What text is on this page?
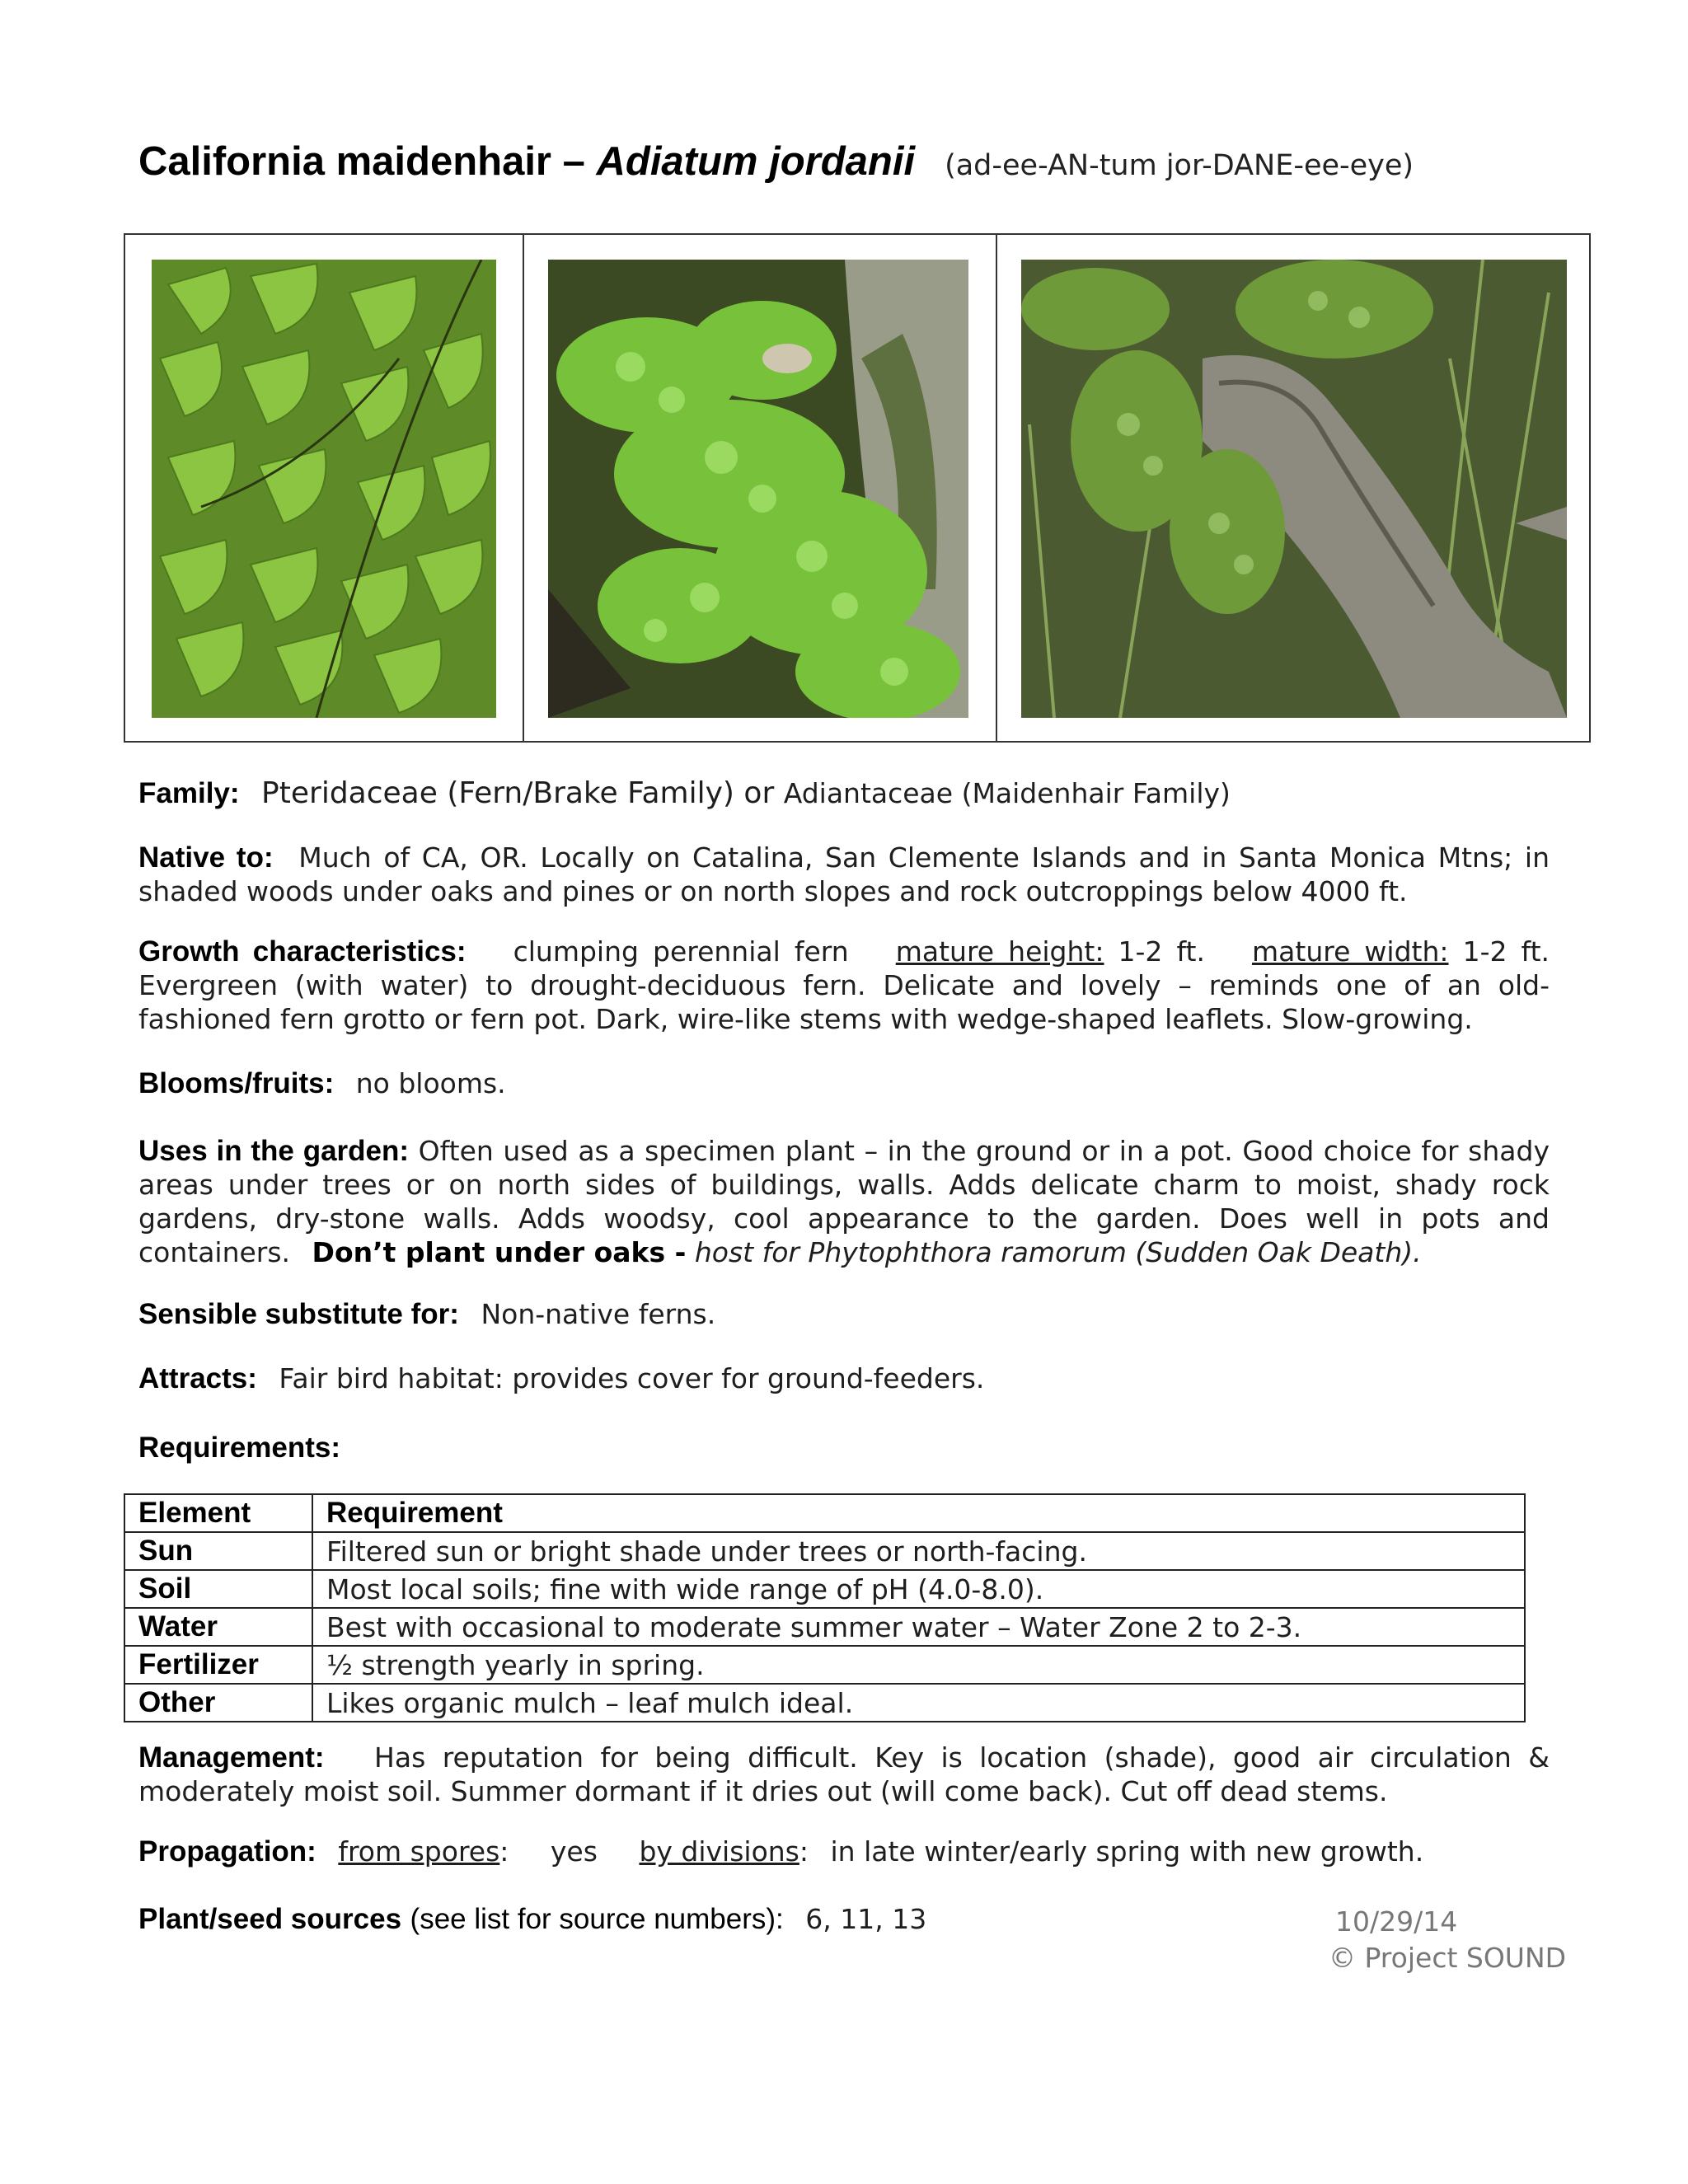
California maidenhair – Adiatum jordanii (ad-ee-AN-tum jor-DANE-ee-eye)
Family: Pteridaceae (Fern/Brake Family) or Adiantaceae (Maidenhair Family)
Native to: Much of CA, OR. Locally on Catalina, San Clemente Islands and in Santa Monica Mtns; in shaded woods under oaks and pines or on north slopes and rock outcroppings below 4000 ft.
Growth characteristics: clumping perennial fern mature height: 1-2 ft. mature width: 1-2 ft. Evergreen (with water) to drought-deciduous fern. Delicate and lovely – reminds one of an old-fashioned fern grotto or fern pot. Dark, wire-like stems with wedge-shaped leaflets. Slow-growing.
Blooms/fruits: no blooms.
Uses in the garden: Often used as a specimen plant – in the ground or in a pot. Good choice for shady areas under trees or on north sides of buildings, walls. Adds delicate charm to moist, shady rock gardens, dry-stone walls. Adds woodsy, cool appearance to the garden. Does well in pots and containers. Don’t plant under oaks - host for Phytophthora ramorum (Sudden Oak Death).
Sensible substitute for: Non-native ferns.
Attracts: Fair bird habitat: provides cover for ground-feeders.
Requirements:
Element	Requirement
Sun	Filtered sun or bright shade under trees or north-facing.
Soil	Most local soils; fine with wide range of pH (4.0-8.0).
Water	Best with occasional to moderate summer water – Water Zone 2 to 2-3.
Fertilizer	½ strength yearly in spring.
Other	Likes organic mulch – leaf mulch ideal.
Management: Has reputation for being difficult. Key is location (shade), good air circulation & moderately moist soil. Summer dormant if it dries out (will come back). Cut off dead stems.
Propagation: from spores: yes by divisions: in late winter/early spring with new growth.
Plant/seed sources (see list for source numbers): 6, 11, 13	10/29/14
© Project SOUND
